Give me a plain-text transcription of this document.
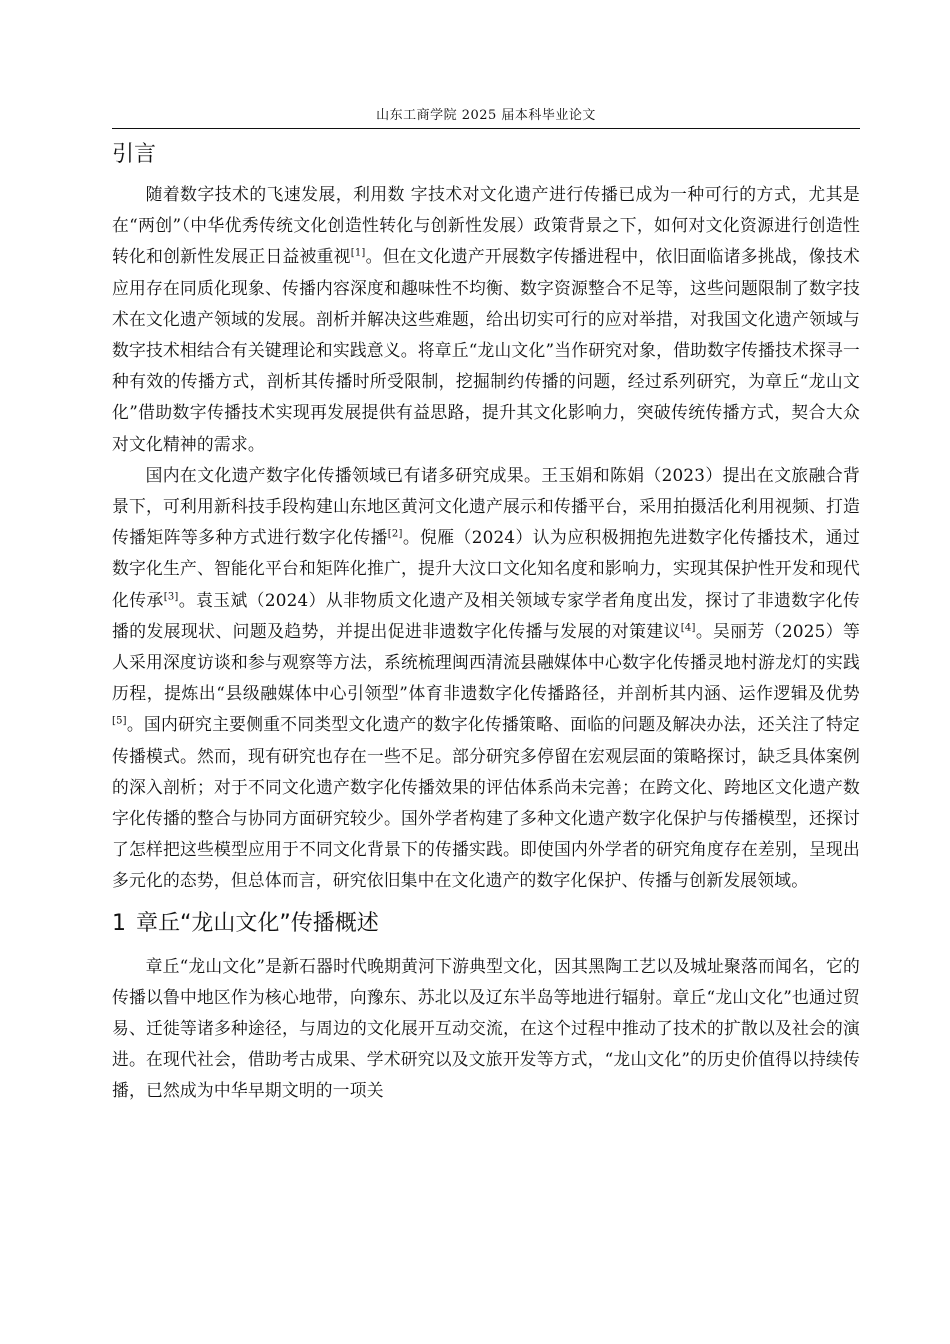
山东工商学院 2025 届本科毕业论文
引言

随着数字技术的飞速发展，利用数 字技术对文化遗产进行传播已成为一种可行的方式，尤其是在“两创”（中华优秀传统文化创造性转化与创新性发展）政策背景之下，如何对文化资源进行创造性转化和创新性发展正日益被重视[1]。但在文化遗产开展数字传播进程中，依旧面临诸多挑战，像技术应用存在同质化现象、传播内容深度和趣味性不均衡、数字资源整合不足等，这些问题限制了数字技术在文化遗产领域的发展。剖析并解决这些难题，给出切实可行的应对举措，对我国文化遗产领域与数字技术相结合有关键理论和实践意义。将章丘“龙山文化”当作研究对象，借助数字传播技术探寻一种有效的传播方式，剖析其传播时所受限制，挖掘制约传播的问题，经过系列研究，为章丘“龙山文化”借助数字传播技术实现再发展提供有益思路，提升其文化影响力，突破传统传播方式，契合大众对文化精神的需求。

国内在文化遗产数字化传播领域已有诸多研究成果。王玉娟和陈娟（2023）提出在文旅融合背景下，可利用新科技手段构建山东地区黄河文化遗产展示和传播平台，采用拍摄活化利用视频、打造传播矩阵等多种方式进行数字化传播[2]。倪雁（2024）认为应积极拥抱先进数字化传播技术，通过数字化生产、智能化平台和矩阵化推广，提升大汶口文化知名度和影响力，实现其保护性开发和现代化传承[3]。袁玉斌（2024）从非物质文化遗产及相关领域专家学者角度出发，探讨了非遗数字化传播的发展现状、问题及趋势，并提出促进非遗数字化传播与发展的对策建议[4]。吴丽芳（2025）等人采用深度访谈和参与观察等方法，系统梳理闽西清流县融媒体中心数字化传播灵地村游龙灯的实践历程，提炼出“县级融媒体中心引领型”体育非遗数字化传播路径，并剖析其内涵、运作逻辑及优势[5]。国内研究主要侧重不同类型文化遗产的数字化传播策略、面临的问题及解决办法，还关注了特定传播模式。然而，现有研究也存在一些不足。部分研究多停留在宏观层面的策略探讨，缺乏具体案例的深入剖析；对于不同文化遗产数字化传播效果的评估体系尚未完善；在跨文化、跨地区文化遗产数字化传播的整合与协同方面研究较少。国外学者构建了多种文化遗产数字化保护与传播模型，还探讨了怎样把这些模型应用于不同文化背景下的传播实践。即使国内外学者的研究角度存在差别，呈现出多元化的态势，但总体而言，研究依旧集中在文化遗产的数字化保护、传播与创新发展领域。

1 章丘“龙山文化”传播概述

章丘“龙山文化”是新石器时代晚期黄河下游典型文化，因其黑陶工艺以及城址聚落而闻名，它的传播以鲁中地区作为核心地带，向豫东、苏北以及辽东半岛等地进行辐射。章丘“龙山文化”也通过贸易、迁徙等诸多种途径，与周边的文化展开互动交流，在这个过程中推动了技术的扩散以及社会的演进。在现代社会，借助考古成果、学术研究以及文旅开发等方式，“龙山文化”的历史价值得以持续传播，已然成为中华早期文明的一项关
